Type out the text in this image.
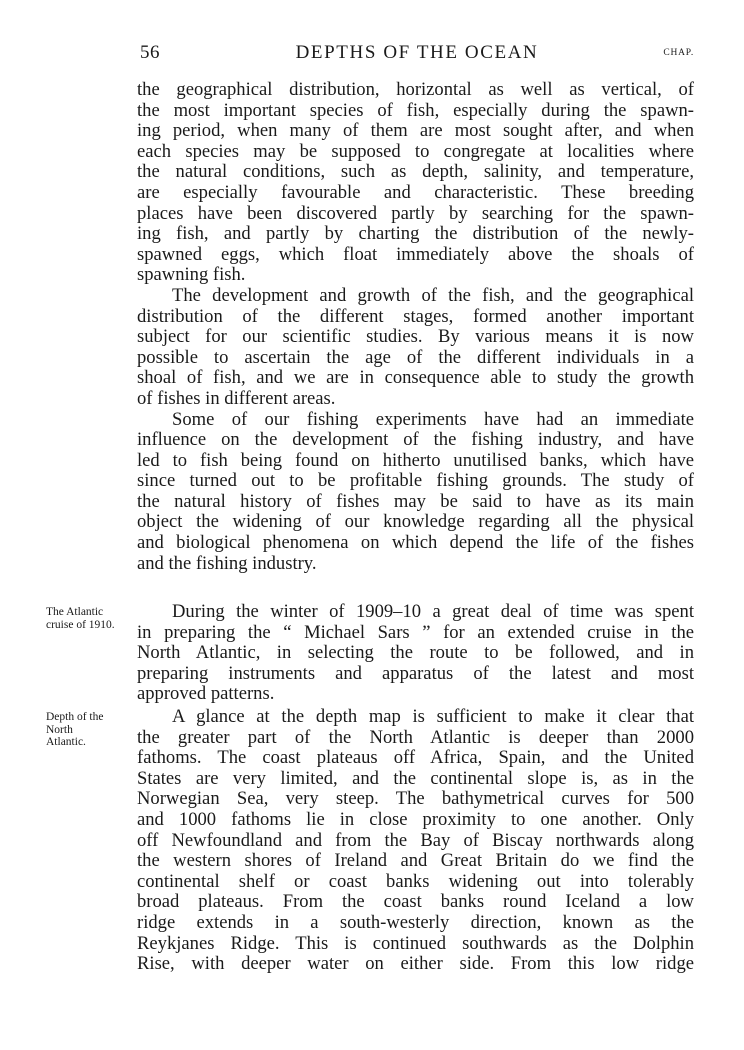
56	DEPTHS OF THE OCEAN	CHAP.

the geographical distribution, horizontal as well as vertical, of
the most important species of fish, especially during the spawn-
ing period, when many of them are most sought after, and when
each species may be supposed to congregate at localities where
the natural conditions, such as depth, salinity, and temperature,
are especially favourable and characteristic. These breeding
places have been discovered partly by searching for the spawn-
ing fish, and partly by charting the distribution of the newly-
spawned eggs, which float immediately above the shoals of
spawning fish.

The development and growth of the fish, and the geographical
distribution of the different stages, formed another important
subject for our scientific studies. By various means it is now
possible to ascertain the age of the different individuals in a
shoal of fish, and we are in consequence able to study the growth
of fishes in different areas.

Some of our fishing experiments have had an immediate
influence on the development of the fishing industry, and have
led to fish being found on hitherto unutilised banks, which have
since turned out to be profitable fishing grounds. The study of
the natural history of fishes may be said to have as its main
object the widening of our knowledge regarding all the physical
and biological phenomena on which depend the life of the fishes
and the fishing industry.

The Atlantic
cruise of 1910.

During the winter of 1909–10 a great deal of time was spent
in preparing the “ Michael Sars ” for an extended cruise in the
North Atlantic, in selecting the route to be followed, and in
preparing instruments and apparatus of the latest and most
approved patterns.

Depth of the
North
Atlantic.

A glance at the depth map is sufficient to make it clear that
the greater part of the North Atlantic is deeper than 2000
fathoms. The coast plateaus off Africa, Spain, and the United
States are very limited, and the continental slope is, as in the
Norwegian Sea, very steep. The bathymetrical curves for 500
and 1000 fathoms lie in close proximity to one another. Only
off Newfoundland and from the Bay of Biscay northwards along
the western shores of Ireland and Great Britain do we find the
continental shelf or coast banks widening out into tolerably
broad plateaus. From the coast banks round Iceland a low
ridge extends in a south-westerly direction, known as the
Reykjanes Ridge. This is continued southwards as the Dolphin
Rise, with deeper water on either side. From this low ridge
